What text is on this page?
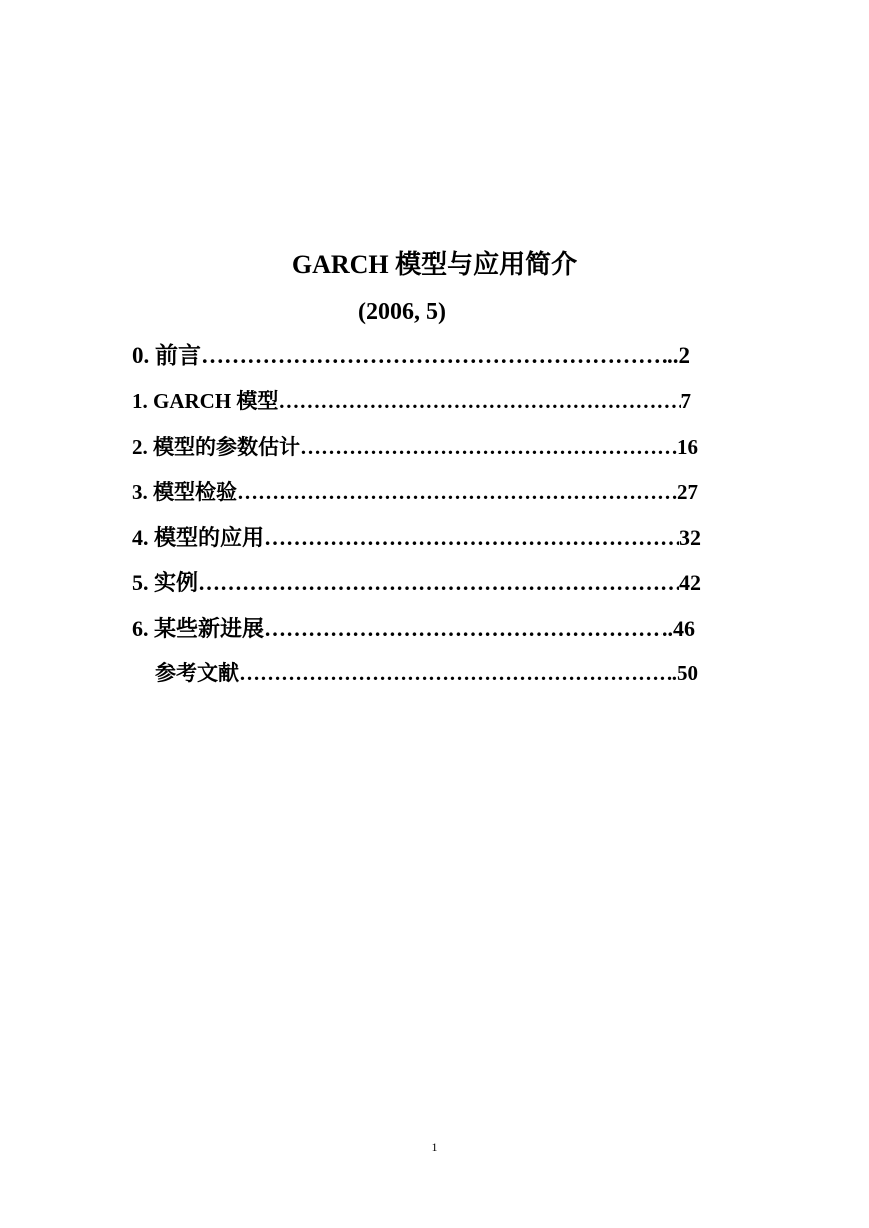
GARCH 模型与应用简介
(2006, 5)
0. 前言 …………………………………………………………………………………………………………………………………………………	..2
1. GARCH 模型 …………………………………………………………………………………………………………………………………………………	7
2. 模型的参数估计 …………………………………………………………………………………………………………………………………………………	16
3. 模型检验 …………………………………………………………………………………………………………………………………………………	27
4. 模型的应用 …………………………………………………………………………………………………………………………………………………	32
5. 实例 …………………………………………………………………………………………………………………………………………………	42
6. 某些新进展 …………………………………………………………………………………………………………………………………………………	..46
参考文献 …………………………………………………………………………………………………………………………………………………	.50
1
